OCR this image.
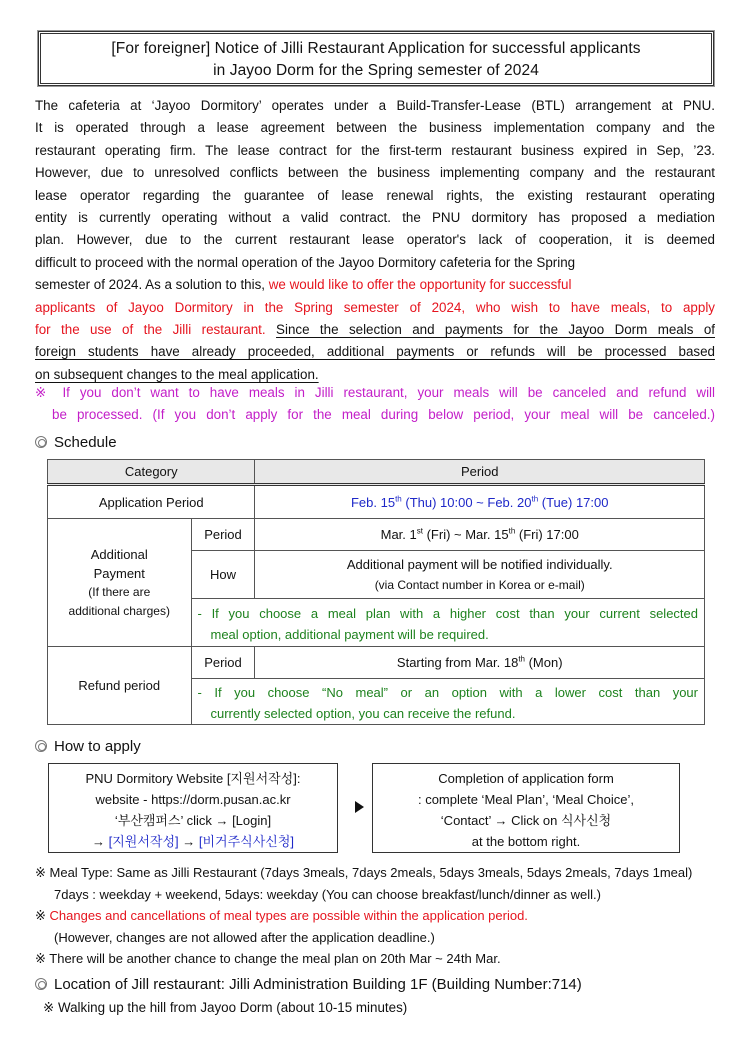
[For foreigner] Notice of Jilli Restaurant Application for successful applicants
in Jayoo Dorm for the Spring semester of 2024
The cafeteria at ‘Jayoo Dormitory’ operates under a Build-Transfer-Lease (BTL) arrangement at PNU.
It is operated through a lease agreement between the business implementation company and the
restaurant operating firm. The lease contract for the first-term restaurant business expired in Sep, ’23.
However, due to unresolved conflicts between the business implementing company and the restaurant
lease operator regarding the guarantee of lease renewal rights, the existing restaurant operating
entity is currently operating without a valid contract. the PNU dormitory has proposed a mediation
plan. However, due to the current restaurant lease operator's lack of cooperation, it is deemed
difficult to proceed with the normal operation of the Jayoo Dormitory cafeteria for the Spring
semester of 2024. As a solution to this, we would like to offer the opportunity for successful
applicants of Jayoo Dormitory in the Spring semester of 2024, who wish to have meals, to apply
for the use of the Jilli restaurant. Since the selection and payments for the Jayoo Dorm meals of
foreign students have already proceeded, additional payments or refunds will be processed based
on subsequent changes to the meal application.
※ If you don’t want to have meals in Jilli restaurant, your meals will be canceled and refund will
be processed. (If you don’t apply for the meal during below period, your meal will be canceled.)
Schedule
Category		Period
Application Period		Feb. 15th (Thu) 10:00 ~ Feb. 20th (Tue) 17:00

Additional
Payment
(If there are
additional charges)	Period	Mar. 1st (Fri) ~ Mar. 15th (Fri) 17:00
	How	Additional payment will be notified individually.
(via Contact number in Korea or e-mail)

	- If you choose a meal plan with a higher cost than your current selected
meal option, additional payment will be required.	

Refund period	Period	Starting from Mar. 18th (Mon)

	- If you choose “No meal” or an option with a lower cost than your
currently selected option, you can receive the refund.	
How to apply
PNU Dormitory Website [지원서작성]:
website - https://dorm.pusan.ac.kr
‘부산캠퍼스’ click → [Login]
→ [지원서작성] → [비거주식사신청]
Completion of application form
: complete ‘Meal Plan’, ‘Meal Choice’,
‘Contact’ → Click on 식사신청
at the bottom right.
※ Meal Type: Same as Jilli Restaurant (7days 3meals, 7days 2meals, 5days 3meals, 5days 2meals, 7days 1meal)
7days : weekday + weekend, 5days: weekday (You can choose breakfast/lunch/dinner as well.)
※ Changes and cancellations of meal types are possible within the application period.
(However, changes are not allowed after the application deadline.)
※ There will be another chance to change the meal plan on 20th Mar ~ 24th Mar.
Location of Jill restaurant: Jilli Administration Building 1F (Building Number:714)
※ Walking up the hill from Jayoo Dorm (about 10-15 minutes)
